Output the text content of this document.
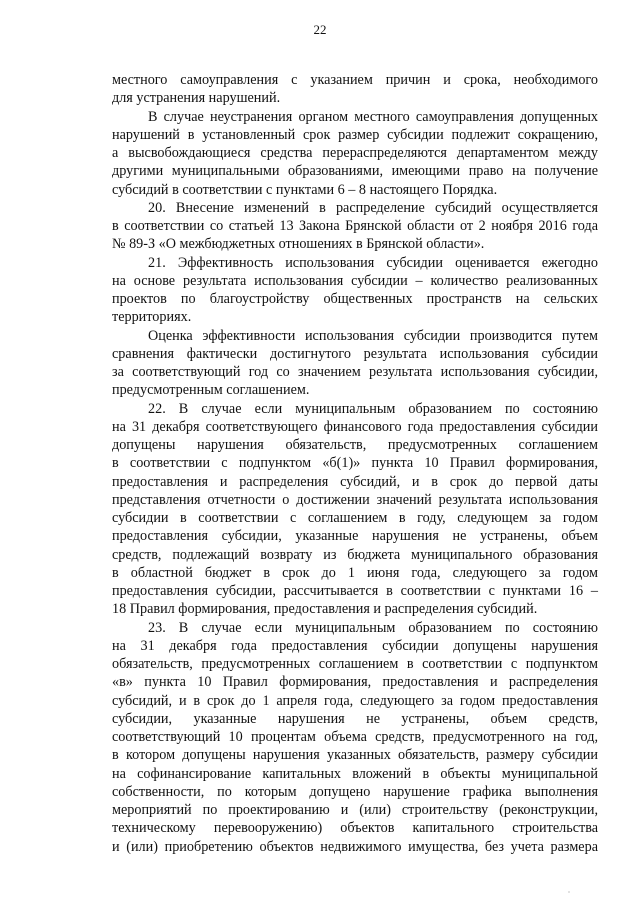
22
местного самоуправления с указанием причин и срока, необходимого
для устранения нарушений.
В случае неустранения органом местного самоуправления допущенных
нарушений в установленный срок размер субсидии подлежит сокращению,
а высвобождающиеся средства перераспределяются департаментом между
другими муниципальными образованиями, имеющими право на получение
субсидий в соответствии с пунктами 6 – 8 настоящего Порядка.
20. Внесение изменений в распределение субсидий осуществляется
в соответствии со статьей 13 Закона Брянской области от 2 ноября 2016 года
№ 89-З «О межбюджетных отношениях в Брянской области».
21. Эффективность использования субсидии оценивается ежегодно
на основе результата использования субсидии – количество реализованных
проектов по благоустройству общественных пространств на сельских
территориях.
Оценка эффективности использования субсидии производится путем
сравнения фактически достигнутого результата использования субсидии
за соответствующий год со значением результата использования субсидии,
предусмотренным соглашением.
22. В случае если муниципальным образованием по состоянию
на 31 декабря соответствующего финансового года предоставления субсидии
допущены нарушения обязательств, предусмотренных соглашением
в соответствии с подпунктом «б(1)» пункта 10 Правил формирования,
предоставления и распределения субсидий, и в срок до первой даты
представления отчетности о достижении значений результата использования
субсидии в соответствии с соглашением в году, следующем за годом
предоставления субсидии, указанные нарушения не устранены, объем
средств, подлежащий возврату из бюджета муниципального образования
в областной бюджет в срок до 1 июня года, следующего за годом
предоставления субсидии, рассчитывается в соответствии с пунктами 16 –
18 Правил формирования, предоставления и распределения субсидий.
23. В случае если муниципальным образованием по состоянию
на 31 декабря года предоставления субсидии допущены нарушения
обязательств, предусмотренных соглашением в соответствии с подпунктом
«в» пункта 10 Правил формирования, предоставления и распределения
субсидий, и в срок до 1 апреля года, следующего за годом предоставления
субсидии, указанные нарушения не устранены, объем средств,
соответствующий 10 процентам объема средств, предусмотренного на год,
в котором допущены нарушения указанных обязательств, размеру субсидии
на софинансирование капитальных вложений в объекты муниципальной
собственности, по которым допущено нарушение графика выполнения
мероприятий по проектированию и (или) строительству (реконструкции,
техническому перевооружению) объектов капитального строительства
и (или) приобретению объектов недвижимого имущества, без учета размера
